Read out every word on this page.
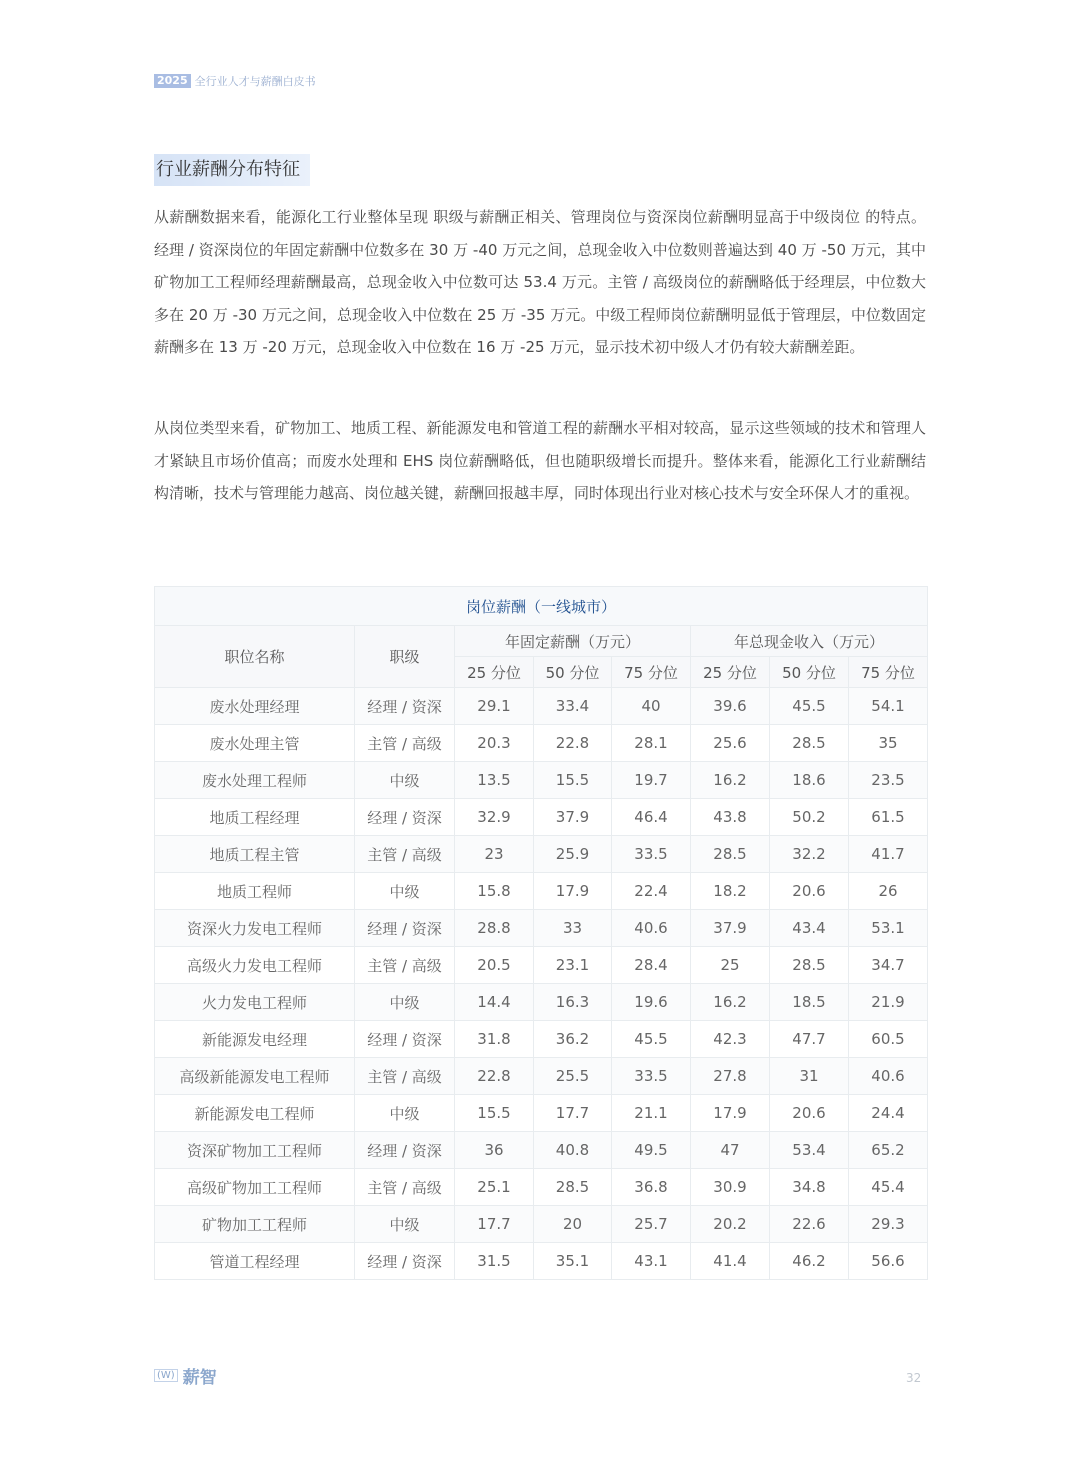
2025 全行业人才与薪酬白皮书
行业薪酬分布特征

从薪酬数据来看，能源化工行业整体呈现 职级与薪酬正相关、管理岗位与资深岗位薪酬明显高于中级岗位 的特点。经理 / 资深岗位的年固定薪酬中位数多在 30 万 -40 万元之间，总现金收入中位数则普遍达到 40 万 -50 万元，其中矿物加工工程师经理薪酬最高，总现金收入中位数可达 53.4 万元。主管 / 高级岗位的薪酬略低于经理层，中位数大多在 20 万 -30 万元之间，总现金收入中位数在 25 万 -35 万元。中级工程师岗位薪酬明显低于管理层，中位数固定薪酬多在 13 万 -20 万元，总现金收入中位数在 16 万 -25 万元，显示技术初中级人才仍有较大薪酬差距。

从岗位类型来看，矿物加工、地质工程、新能源发电和管道工程的薪酬水平相对较高，显示这些领域的技术和管理人才紧缺且市场价值高；而废水处理和 EHS 岗位薪酬略低，但也随职级增长而提升。整体来看，能源化工行业薪酬结构清晰，技术与管理能力越高、岗位越关键，薪酬回报越丰厚，同时体现出行业对核心技术与安全环保人才的重视。

岗位薪酬（一线城市）							
职位名称	职级	年固定薪酬（万元）			年总现金收入（万元）		
		25 分位	50 分位	75 分位	25 分位	50 分位	75 分位
废水处理经理	经理 / 资深	29.1	33.4	40	39.6	45.5	54.1
废水处理主管	主管 / 高级	20.3	22.8	28.1	25.6	28.5	35
废水处理工程师	中级	13.5	15.5	19.7	16.2	18.6	23.5
地质工程经理	经理 / 资深	32.9	37.9	46.4	43.8	50.2	61.5
地质工程主管	主管 / 高级	23	25.9	33.5	28.5	32.2	41.7
地质工程师	中级	15.8	17.9	22.4	18.2	20.6	26
资深火力发电工程师	经理 / 资深	28.8	33	40.6	37.9	43.4	53.1
高级火力发电工程师	主管 / 高级	20.5	23.1	28.4	25	28.5	34.7
火力发电工程师	中级	14.4	16.3	19.6	16.2	18.5	21.9
新能源发电经理	经理 / 资深	31.8	36.2	45.5	42.3	47.7	60.5
高级新能源发电工程师	主管 / 高级	22.8	25.5	33.5	27.8	31	40.6
新能源发电工程师	中级	15.5	17.7	21.1	17.9	20.6	24.4
资深矿物加工工程师	经理 / 资深	36	40.8	49.5	47	53.4	65.2
高级矿物加工工程师	主管 / 高级	25.1	28.5	36.8	30.9	34.8	45.4
矿物加工工程师	中级	17.7	20	25.7	20.2	22.6	29.3
管道工程经理	经理 / 资深	31.5	35.1	43.1	41.4	46.2	56.6
(W) 薪智	32
